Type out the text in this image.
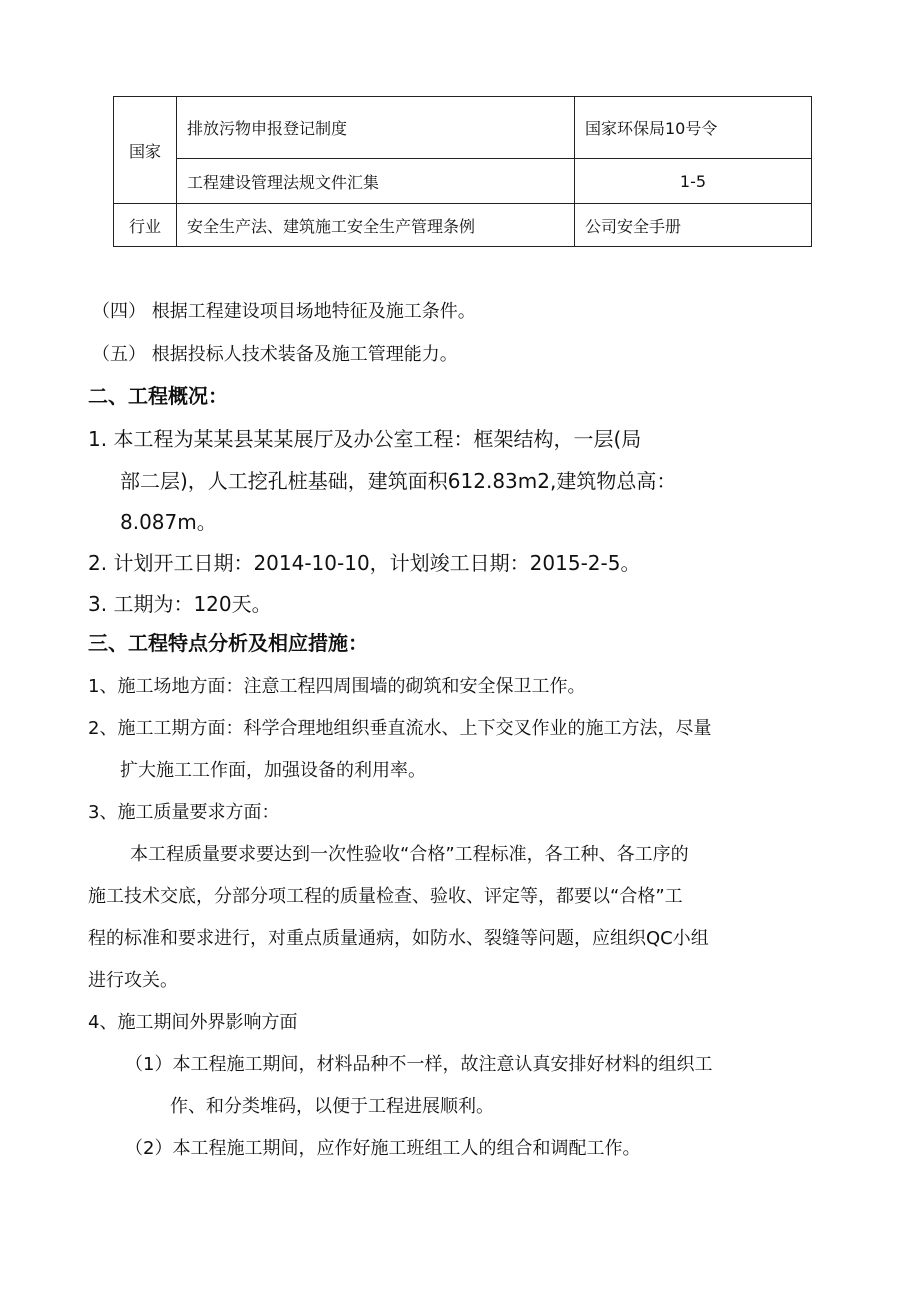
国家	排放污物申报登记制度	国家环保局10号令
	工程建设管理法规文件汇集	1-5
行业	安全生产法、建筑施工安全生产管理条例	公司安全手册
（四） 根据工程建设项目场地特征及施工条件。
（五） 根据投标人技术装备及施工管理能力。
二、工程概况：
1. 本工程为某某县某某展厅及办公室工程：框架结构，一层(局
部二层)，人工挖孔桩基础，建筑面积612.83m2,建筑物总高：
8.087m。
2. 计划开工日期：2014-10-10，计划竣工日期：2015-2-5。
3. 工期为：120天。
三、工程特点分析及相应措施：
1、施工场地方面：注意工程四周围墙的砌筑和安全保卫工作。
2、施工工期方面：科学合理地组织垂直流水、上下交叉作业的施工方法，尽量
扩大施工工作面，加强设备的利用率。
3、施工质量要求方面：
本工程质量要求要达到一次性验收“合格”工程标准，各工种、各工序的
施工技术交底，分部分项工程的质量检查、验收、评定等，都要以“合格”工
程的标准和要求进行，对重点质量通病，如防水、裂缝等问题，应组织QC小组
进行攻关。
4、施工期间外界影响方面
（1）本工程施工期间，材料品种不一样，故注意认真安排好材料的组织工
作、和分类堆码，以便于工程进展顺利。
（2）本工程施工期间，应作好施工班组工人的组合和调配工作。
